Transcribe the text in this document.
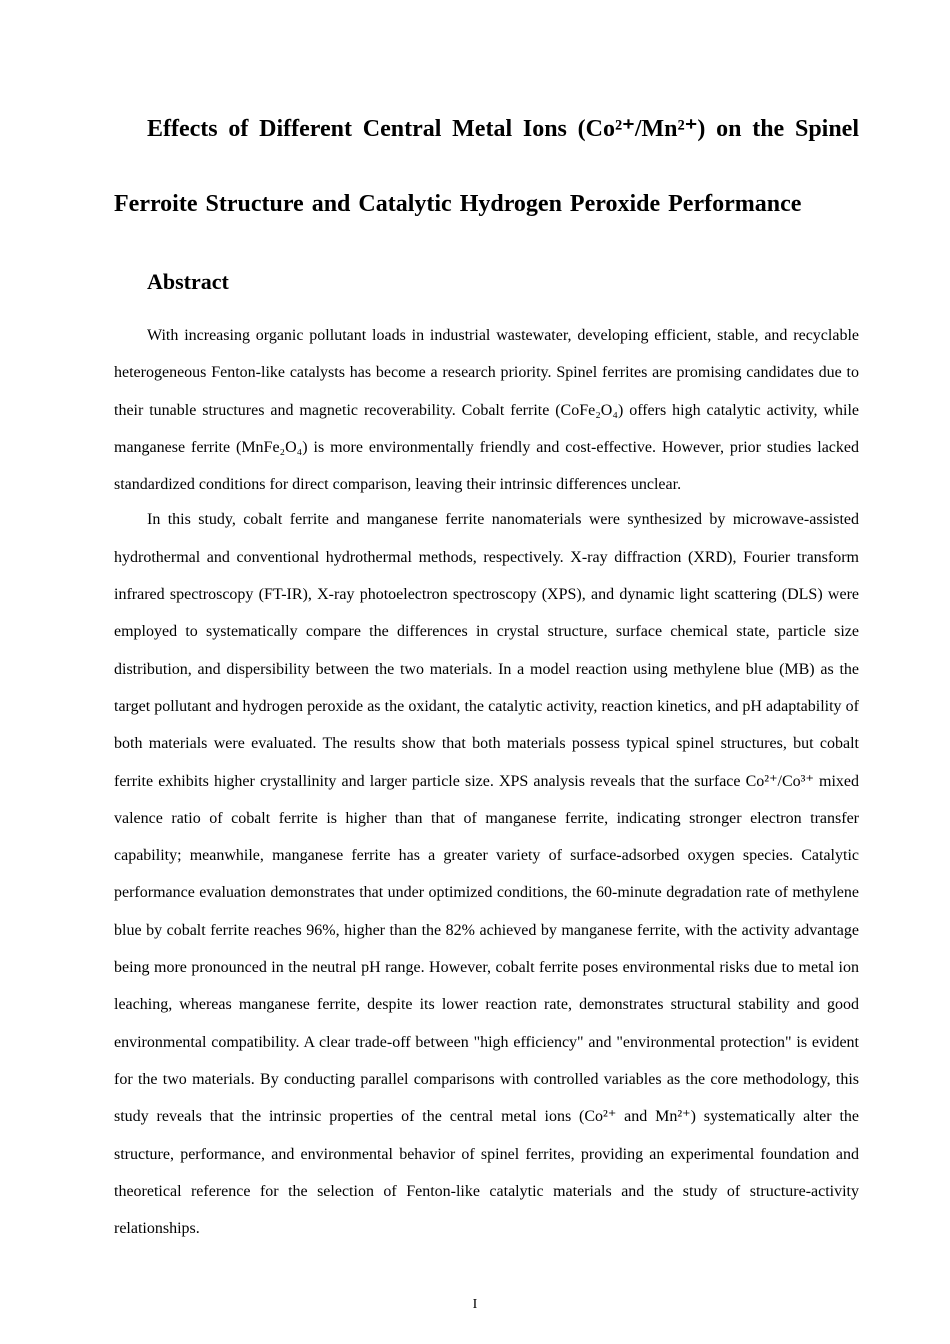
Effects of Different Central Metal Ions (Co²⁺/Mn²⁺) on the Spinel Ferroite Structure and Catalytic Hydrogen Peroxide Performance
Abstract

With increasing organic pollutant loads in industrial wastewater, developing efficient, stable, and recyclable heterogeneous Fenton-like catalysts has become a research priority. Spinel ferrites are promising candidates due to their tunable structures and magnetic recoverability. Cobalt ferrite (CoFe₂O₄) offers high catalytic activity, while manganese ferrite (MnFe₂O₄) is more environmentally friendly and cost-effective. However, prior studies lacked standardized conditions for direct comparison, leaving their intrinsic differences unclear.

In this study, cobalt ferrite and manganese ferrite nanomaterials were synthesized by microwave-assisted hydrothermal and conventional hydrothermal methods, respectively. X-ray diffraction (XRD), Fourier transform infrared spectroscopy (FT-IR), X-ray photoelectron spectroscopy (XPS), and dynamic light scattering (DLS) were employed to systematically compare the differences in crystal structure, surface chemical state, particle size distribution, and dispersibility between the two materials. In a model reaction using methylene blue (MB) as the target pollutant and hydrogen peroxide as the oxidant, the catalytic activity, reaction kinetics, and pH adaptability of both materials were evaluated. The results show that both materials possess typical spinel structures, but cobalt ferrite exhibits higher crystallinity and larger particle size. XPS analysis reveals that the surface Co²⁺/Co³⁺ mixed valence ratio of cobalt ferrite is higher than that of manganese ferrite, indicating stronger electron transfer capability; meanwhile, manganese ferrite has a greater variety of surface-adsorbed oxygen species. Catalytic performance evaluation demonstrates that under optimized conditions, the 60-minute degradation rate of methylene blue by cobalt ferrite reaches 96%, higher than the 82% achieved by manganese ferrite, with the activity advantage being more pronounced in the neutral pH range. However, cobalt ferrite poses environmental risks due to metal ion leaching, whereas manganese ferrite, despite its lower reaction rate, demonstrates structural stability and good environmental compatibility. A clear trade-off between "high efficiency" and "environmental protection" is evident for the two materials. By conducting parallel comparisons with controlled variables as the core methodology, this study reveals that the intrinsic properties of the central metal ions (Co²⁺ and Mn²⁺) systematically alter the structure, performance, and environmental behavior of spinel ferrites, providing an experimental foundation and theoretical reference for the selection of Fenton-like catalytic materials and the study of structure-activity relationships.

I
